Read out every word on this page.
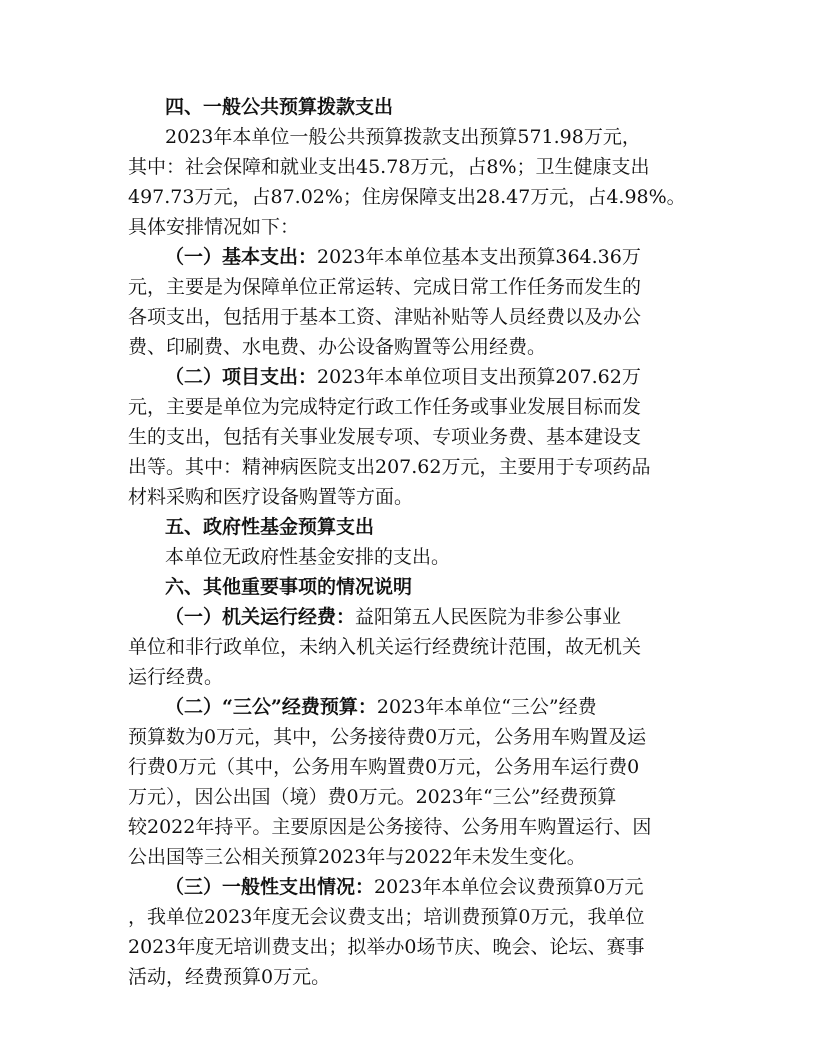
四、一般公共预算拨款支出
2023年本单位一般公共预算拨款支出预算571.98万元，
其中：社会保障和就业支出45.78万元，占8%；卫生健康支出
497.73万元，占87.02%；住房保障支出28.47万元，占4.98%。
具体安排情况如下：
（一）基本支出：2023年本单位基本支出预算364.36万
元，主要是为保障单位正常运转、完成日常工作任务而发生的
各项支出，包括用于基本工资、津贴补贴等人员经费以及办公
费、印刷费、水电费、办公设备购置等公用经费。
（二）项目支出：2023年本单位项目支出预算207.62万
元，主要是单位为完成特定行政工作任务或事业发展目标而发
生的支出，包括有关事业发展专项、专项业务费、基本建设支
出等。其中：精神病医院支出207.62万元，主要用于专项药品
材料采购和医疗设备购置等方面。
五、政府性基金预算支出
本单位无政府性基金安排的支出。
六、其他重要事项的情况说明
（一）机关运行经费：益阳第五人民医院为非参公事业
单位和非行政单位，未纳入机关运行经费统计范围，故无机关
运行经费。
（二）“三公”经费预算：2023年本单位“三公”经费
预算数为0万元，其中，公务接待费0万元，公务用车购置及运
行费0万元（其中，公务用车购置费0万元，公务用车运行费0
万元），因公出国（境）费0万元。2023年“三公”经费预算
较2022年持平。主要原因是公务接待、公务用车购置运行、因
公出国等三公相关预算2023年与2022年未发生变化。
（三）一般性支出情况：2023年本单位会议费预算0万元
，我单位2023年度无会议费支出；培训费预算0万元，我单位
2023年度无培训费支出；拟举办0场节庆、晚会、论坛、赛事
活动，经费预算0万元。
